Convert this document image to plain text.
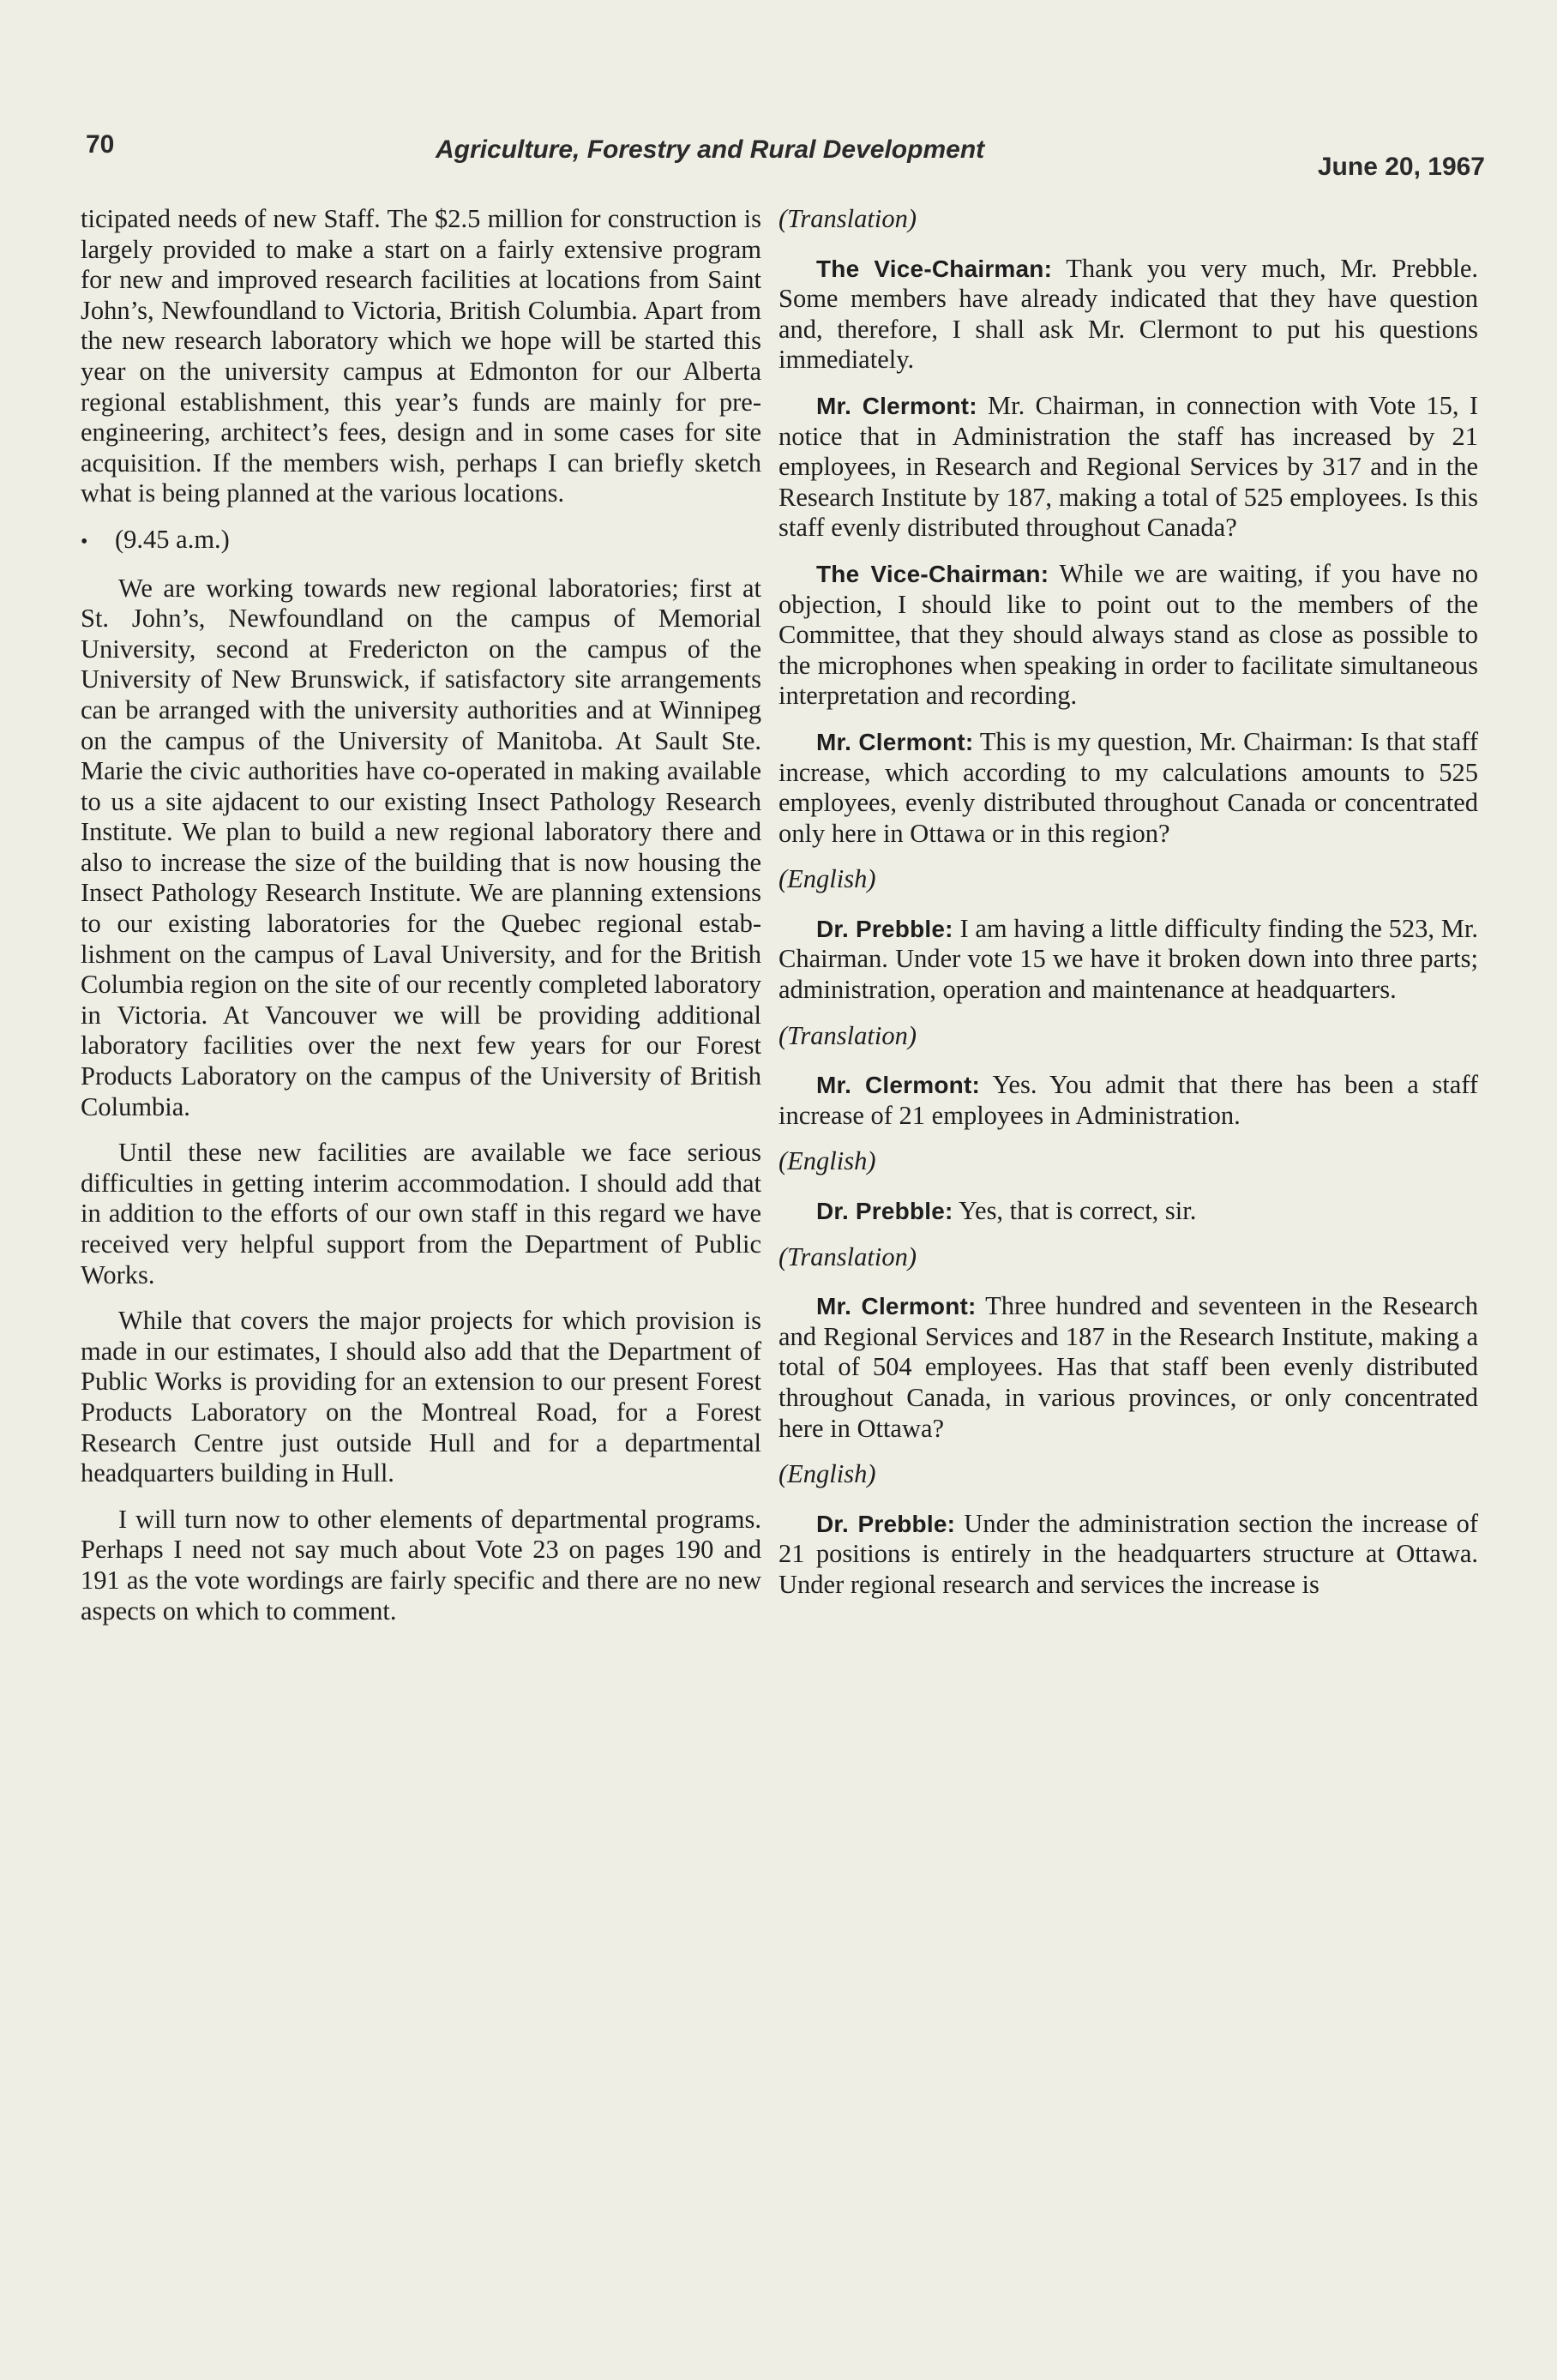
70	Agriculture, Forestry and Rural Development
June 20, 1967

ticipated needs of new Staff. The $2.5 million for construction is largely provided to make a start on a fairly extensive program for new and improved research facilities at locations from Saint John’s, Newfoundland to Victoria, British Columbia. Apart from the new research laboratory which we hope will be started this year on the university campus at Edmonton for our Alberta regional establishment, this year’s funds are mainly for preengineering, architect’s fees, design and in some cases for site acquisition. If the members wish, perhaps I can briefly sketch what is being planned at the various locations.

• (9.45 a.m.)

We are working towards new regional laboratories; first at St. John’s, Newfoundland on the campus of Memorial University, second at Fredericton on the campus of the University of New Brunswick, if satisfactory site arrangements can be arranged with the university authorities and at Winnipeg on the campus of the University of Manitoba. At Sault Ste. Marie the civic authorities have co-operated in making available to us a site ajdacent to our existing Insect Pathology Research Institute. We plan to build a new regional laboratory there and also to increase the size of the building that is now housing the Insect Pathology Research Institute. We are planning extensions to our existing laboratories for the Quebec regional establishment on the campus of Laval University, and for the British Columbia region on the site of our recently completed laboratory in Victoria. At Vancouver we will be providing additional laboratory facilities over the next few years for our Forest Products Laboratory on the campus of the University of British Columbia.

Until these new facilities are available we face serious difficulties in getting interim accommodation. I should add that in addition to the efforts of our own staff in this regard we have received very helpful support from the Department of Public Works.

While that covers the major projects for which provision is made in our estimates, I should also add that the Department of Public Works is providing for an extension to our present Forest Products Laboratory on the Montreal Road, for a Forest Research Centre just outside Hull and for a departmental headquarters building in Hull.

I will turn now to other elements of departmental programs. Perhaps I need not say much about Vote 23 on pages 190 and 191 as the vote wordings are fairly specific and there are no new aspects on which to comment.

(Translation)

The Vice-Chairman: Thank you very much, Mr. Prebble. Some members have already indicated that they have question and, therefore, I shall ask Mr. Clermont to put his questions immediately.

Mr. Clermont: Mr. Chairman, in connection with Vote 15, I notice that in Administration the staff has increased by 21 employees, in Research and Regional Services by 317 and in the Research Institute by 187, making a total of 525 employees. Is this staff evenly distributed throughout Canada?

The Vice-Chairman: While we are waiting, if you have no objection, I should like to point out to the members of the Committee, that they should always stand as close as possible to the microphones when speaking in order to facilitate simultaneous interpretation and recording.

Mr. Clermont: This is my question, Mr. Chairman: Is that staff increase, which according to my calculations amounts to 525 employees, evenly distributed throughout Canada or concentrated only here in Ottawa or in this region?

(English)

Dr. Prebble: I am having a little difficulty finding the 523, Mr. Chairman. Under vote 15 we have it broken down into three parts; administration, operation and maintenance at headquarters.

(Translation)

Mr. Clermont: Yes. You admit that there has been a staff increase of 21 employees in Administration.

(English)

Dr. Prebble: Yes, that is correct, sir.

(Translation)

Mr. Clermont: Three hundred and seventeen in the Research and Regional Services and 187 in the Research Institute, making a total of 504 employees. Has that staff been evenly distributed throughout Canada, in various provinces, or only concentrated here in Ottawa?

(English)

Dr. Prebble: Under the administration section the increase of 21 positions is entirely in the headquarters structure at Ottawa. Under regional research and services the increase is
